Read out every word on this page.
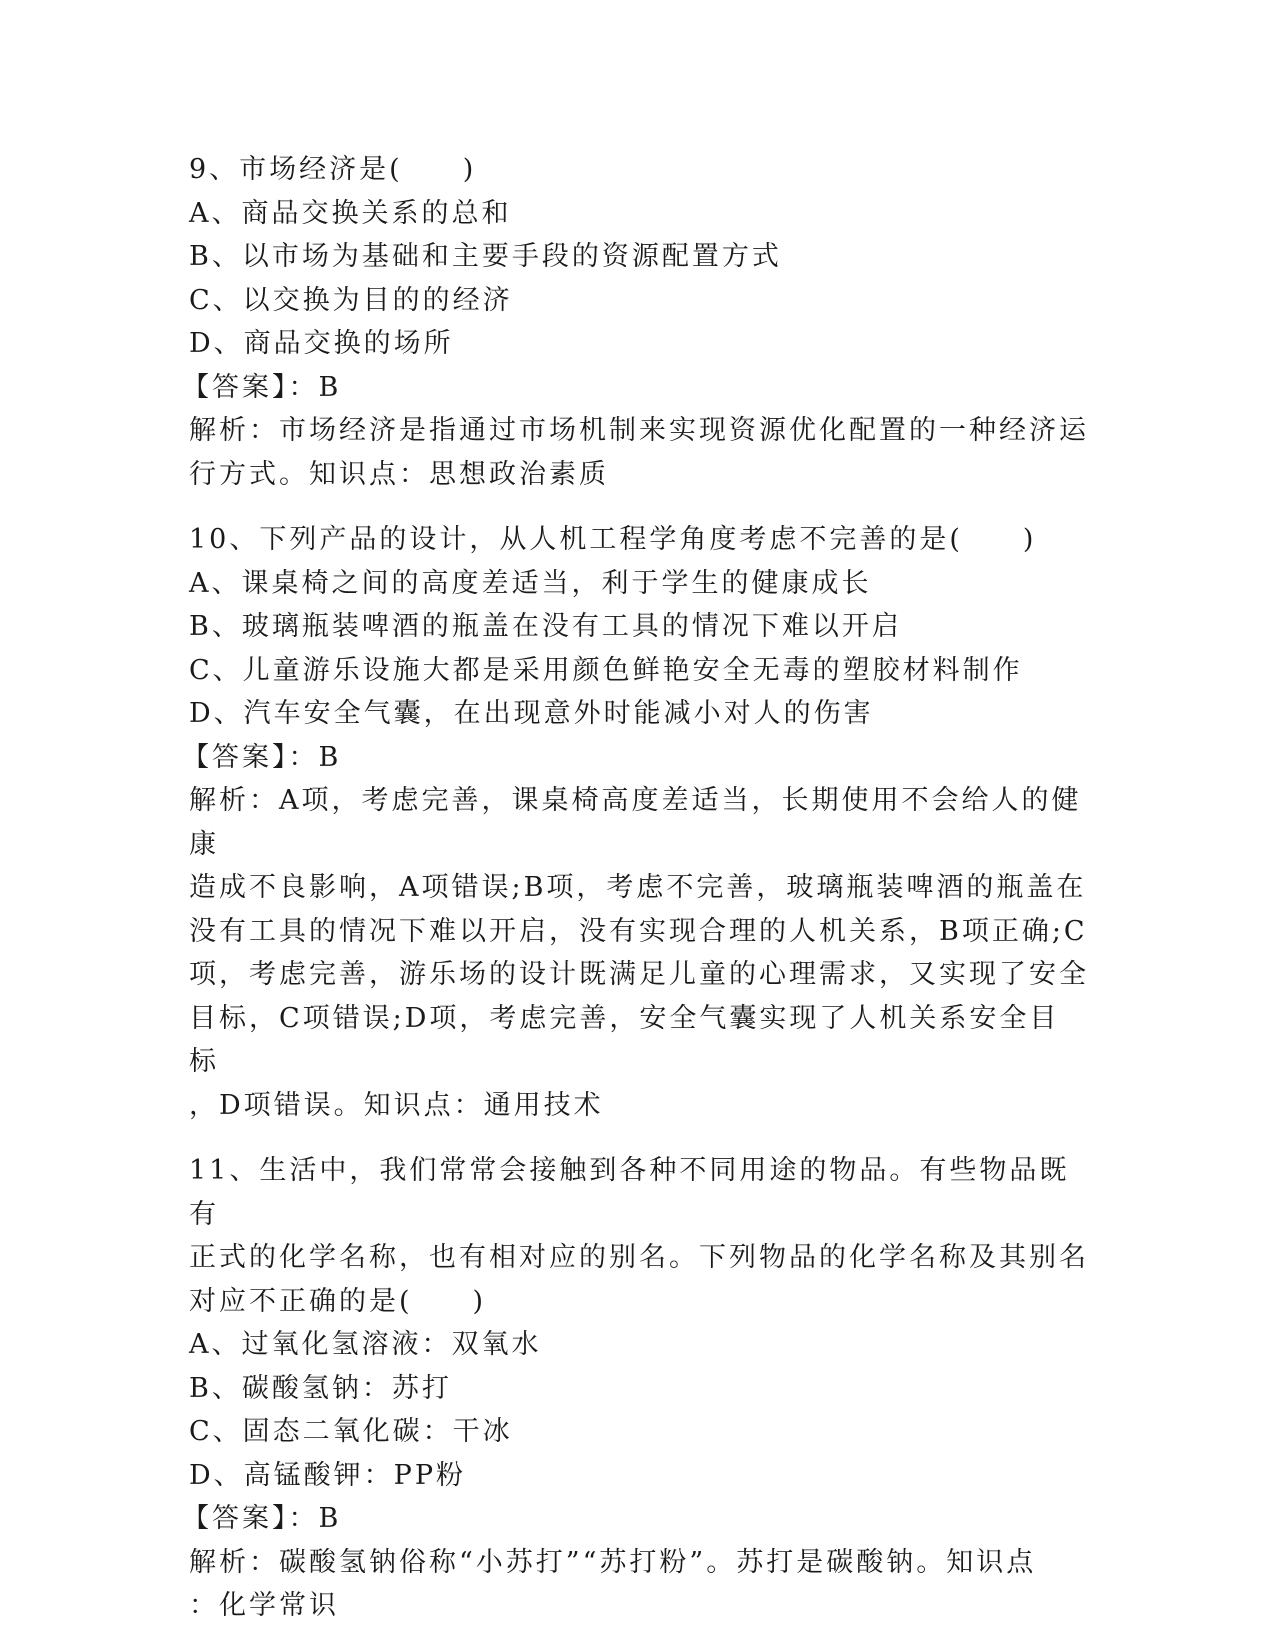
9、市场经济是(　　)

A、商品交换关系的总和

B、以市场为基础和主要手段的资源配置方式

C、以交换为目的的经济

D、商品交换的场所

【答案】：B

解析：市场经济是指通过市场机制来实现资源优化配置的一种经济运

行方式。知识点：思想政治素质

10、下列产品的设计，从人机工程学角度考虑不完善的是(　　)

A、课桌椅之间的高度差适当，利于学生的健康成长

B、玻璃瓶装啤酒的瓶盖在没有工具的情况下难以开启

C、儿童游乐设施大都是采用颜色鲜艳安全无毒的塑胶材料制作

D、汽车安全气囊，在出现意外时能减小对人的伤害

【答案】：B

解析：A项，考虑完善，课桌椅高度差适当，长期使用不会给人的健康

造成不良影响，A项错误;B项，考虑不完善，玻璃瓶装啤酒的瓶盖在

没有工具的情况下难以开启，没有实现合理的人机关系，B项正确;C

项，考虑完善，游乐场的设计既满足儿童的心理需求，又实现了安全

目标，C项错误;D项，考虑完善，安全气囊实现了人机关系安全目标

，D项错误。知识点：通用技术

11、生活中，我们常常会接触到各种不同用途的物品。有些物品既有

正式的化学名称，也有相对应的别名。下列物品的化学名称及其别名

对应不正确的是(　　)

A、过氧化氢溶液：双氧水

B、碳酸氢钠：苏打

C、固态二氧化碳：干冰

D、高锰酸钾：PP粉

【答案】：B

解析：碳酸氢钠俗称“小苏打”“苏打粉”。苏打是碳酸钠。知识点

：化学常识
